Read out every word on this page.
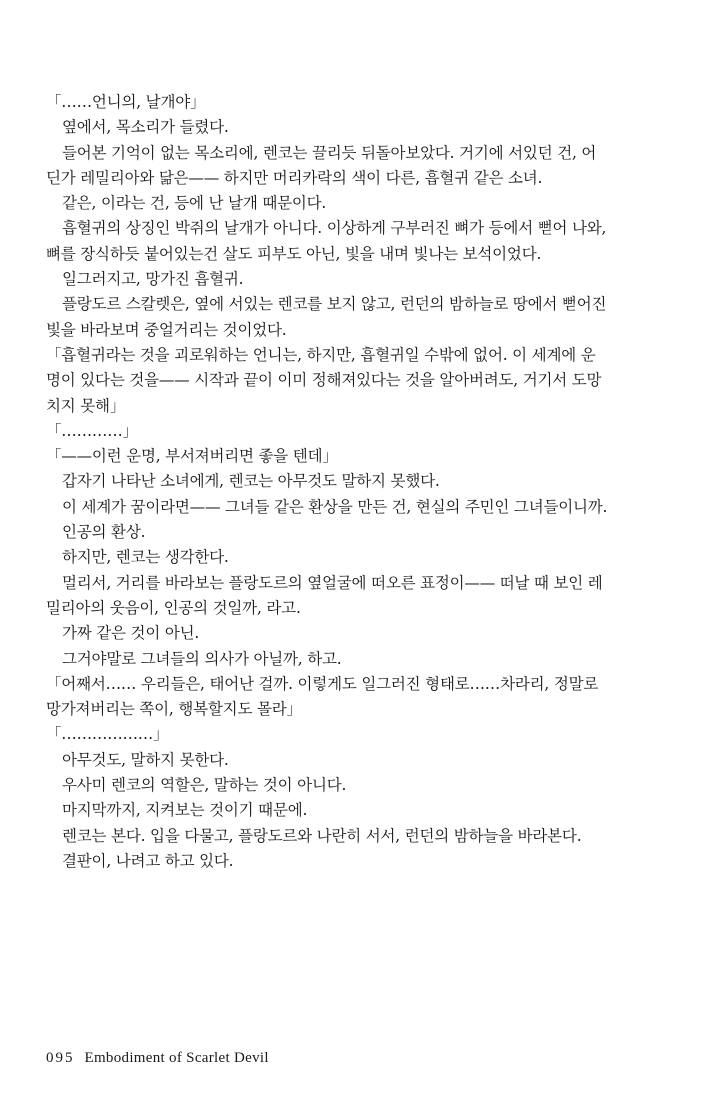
「……언니의, 날개야」
옆에서, 목소리가 들렸다.
들어본 기억이 없는 목소리에, 렌코는 끌리듯 뒤돌아보았다. 거기에 서있던 건, 어
딘가 레밀리아와 닮은—— 하지만 머리카락의 색이 다른, 흡혈귀 같은 소녀.
같은, 이라는 건, 등에 난 날개 때문이다.
흡혈귀의 상징인 박쥐의 날개가 아니다. 이상하게 구부러진 뼈가 등에서 뻗어 나와,
뼈를 장식하듯 붙어있는건 살도 피부도 아닌, 빛을 내며 빛나는 보석이었다.
일그러지고, 망가진 흡혈귀.
플랑도르 스칼렛은, 옆에 서있는 렌코를 보지 않고, 런던의 밤하늘로 땅에서 뻗어진
빛을 바라보며 중얼거리는 것이었다.
「흡혈귀라는 것을 괴로워하는 언니는, 하지만, 흡혈귀일 수밖에 없어. 이 세계에 운
명이 있다는 것을—— 시작과 끝이 이미 정해져있다는 것을 알아버려도, 거기서 도망
치지 못해」
「…………」
「——이런 운명, 부서져버리면 좋을 텐데」
갑자기 나타난 소녀에게, 렌코는 아무것도 말하지 못했다.
이 세계가 꿈이라면—— 그녀들 같은 환상을 만든 건, 현실의 주민인 그녀들이니까.
인공의 환상.
하지만, 렌코는 생각한다.
멀리서, 거리를 바라보는 플랑도르의 옆얼굴에 떠오른 표정이—— 떠날 때 보인 레
밀리아의 웃음이, 인공의 것일까, 라고.
가짜 같은 것이 아닌.
그거야말로 그녀들의 의사가 아닐까, 하고.
「어째서…… 우리들은, 태어난 걸까. 이렇게도 일그러진 형태로……차라리, 정말로
망가져버리는 쪽이, 행복할지도 몰라」
「………………」
아무것도, 말하지 못한다.
우사미 렌코의 역할은, 말하는 것이 아니다.
마지막까지, 지켜보는 것이기 때문에.
렌코는 본다. 입을 다물고, 플랑도르와 나란히 서서, 런던의 밤하늘을 바라본다.
결판이, 나려고 하고 있다.
095 Embodiment of Scarlet Devil
